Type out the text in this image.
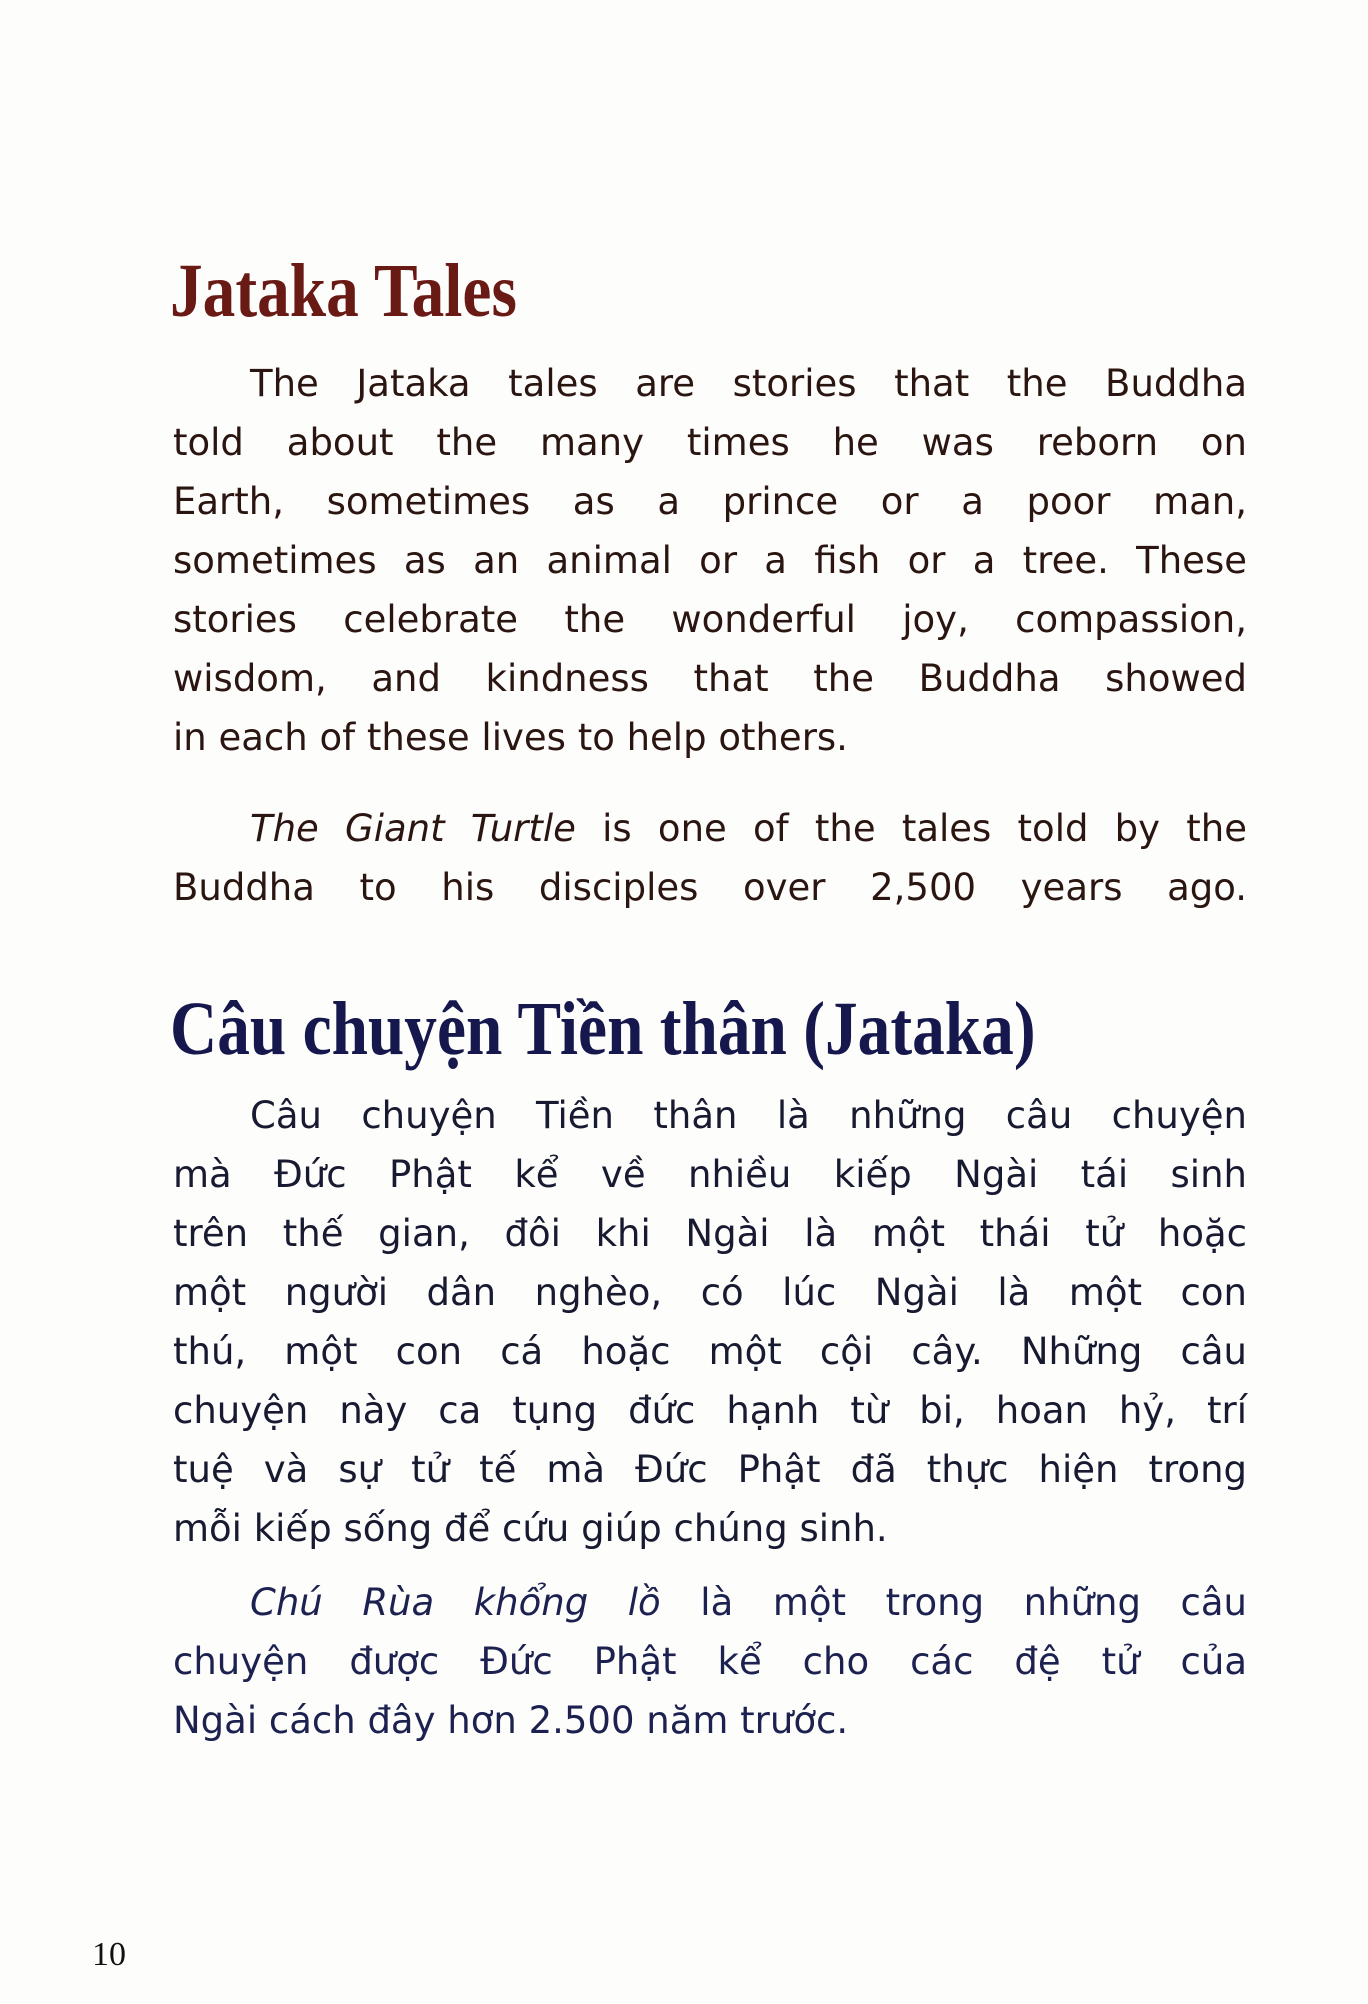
Jataka Tales
The Jataka tales are stories that the Buddha
told about the many times he was reborn on
Earth, sometimes as a prince or a poor man,
sometimes as an animal or a fish or a tree. These
stories celebrate the wonderful joy, compassion,
wisdom, and kindness that the Buddha showed
in each of these lives to help others.
The Giant Turtle is one of the tales told by the
Buddha to his disciples over 2,500 years ago.
Câu chuyện Tiền thân (Jataka)
Câu chuyện Tiền thân là những câu chuyện
mà Đức Phật kể về nhiều kiếp Ngài tái sinh
trên thế gian, đôi khi Ngài là một thái tử hoặc
một người dân nghèo, có lúc Ngài là một con
thú, một con cá hoặc một cội cây. Những câu
chuyện này ca tụng đức hạnh từ bi, hoan hỷ, trí
tuệ và sự tử tế mà Đức Phật đã thực hiện trong
mỗi kiếp sống để cứu giúp chúng sinh.
Chú Rùa khổng lồ là một trong những câu
chuyện được Đức Phật kể cho các đệ tử của
Ngài cách đây hơn 2.500 năm trước.
10
